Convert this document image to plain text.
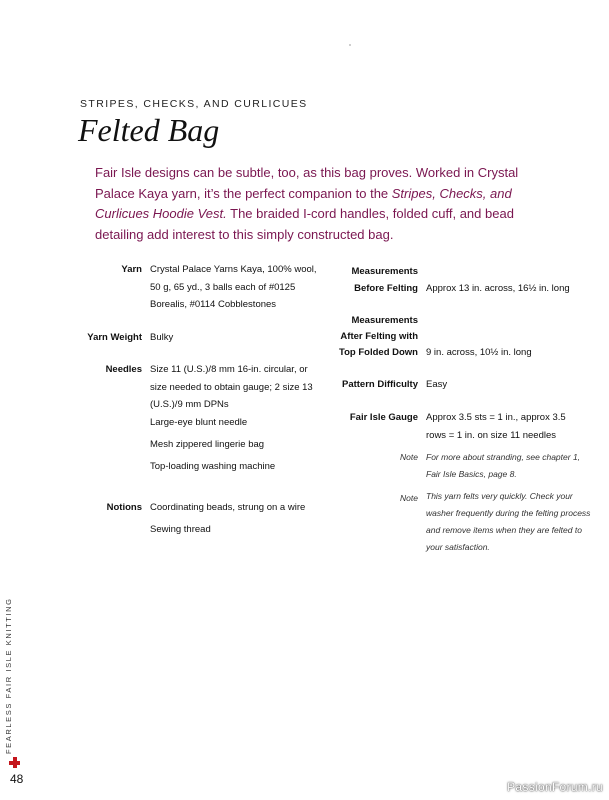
STRIPES, CHECKS, AND CURLICUES
Felted Bag
Fair Isle designs can be subtle, too, as this bag proves. Worked in Crystal Palace Kaya yarn, it’s the perfect companion to the Stripes, Checks, and Curlicues Hoodie Vest. The braided I-cord handles, folded cuff, and bead detailing add interest to this simply constructed bag.
Yarn Crystal Palace Yarns Kaya, 100% wool, 50 g, 65 yd., 3 balls each of #0125 Borealis, #0114 Cobblestones
Yarn Weight Bulky
Needles Size 11 (U.S.)/8 mm 16-in. circular, or size needed to obtain gauge; 2 size 13 (U.S.)/9 mm DPNs
Large-eye blunt needle
Mesh zippered lingerie bag
Top-loading washing machine
Notions Coordinating beads, strung on a wire
Sewing thread
Measurements
Before Felting Approx 13 in. across, 16½ in. long
Measurements
After Felting with
Top Folded Down 9 in. across, 10½ in. long
Pattern Difficulty Easy
Fair Isle Gauge Approx 3.5 sts = 1 in., approx 3.5 rows = 1 in. on size 11 needles
Note For more about stranding, see chapter 1, Fair Isle Basics, page 8.
Note This yarn felts very quickly. Check your washer frequently during the felting process and remove items when they are felted to your satisfaction.
FEARLESS FAIR ISLE KNITTING
48
PassionForum.ru
